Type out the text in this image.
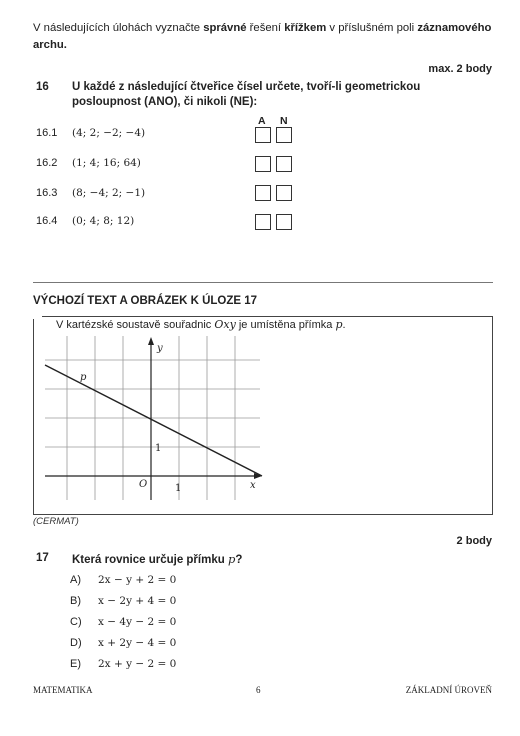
V následujících úlohách vyznačte správné řešení křížkem v příslušném poli záznamového
archu.
max. 2 body
16 U každé z následující čtveřice čísel určete, tvoří-li geometrickou
posloupnost (ANO), či nikoli (NE):
A N
16.1 (4; 2; −2; −4)
16.2 (1; 4; 16; 64)
16.3 (8; −4; 2; −1)
16.4 (0; 4; 8; 12)
VÝCHOZÍ TEXT A OBRÁZEK K ÚLOZE 17
V kartézské soustavě souřadnic Oxy je umístěna přímka p.
y
x
O	1
1
p
(CERMAT)
2 body
17 Která rovnice určuje přímku p?
A) 2x − y + 2 = 0
B) x − 2y + 4 = 0
C) x − 4y − 2 = 0
D) x + 2y − 4 = 0
E) 2x + y − 2 = 0
MATEMATIKA	6	ZÁKLADNÍ ÚROVEŇ
